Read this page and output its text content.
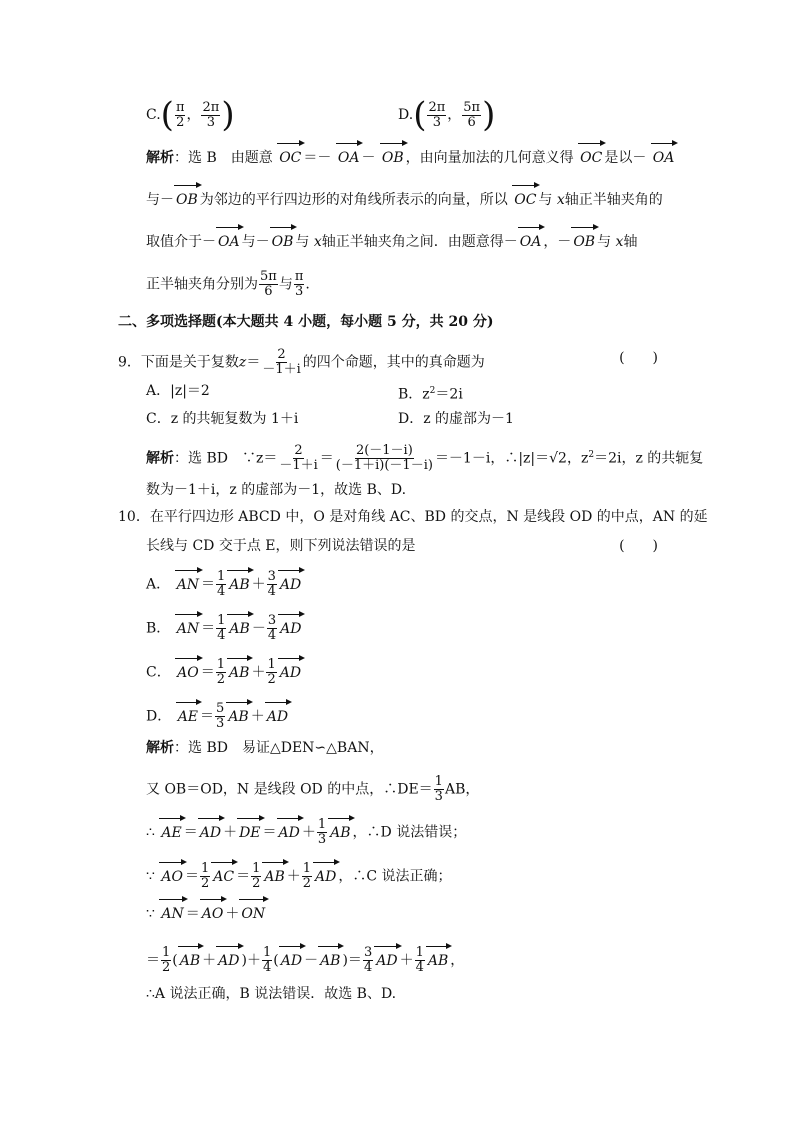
$C.( \frac{\pi}{2}$ ， $\frac{2\pi}{3}$ )	$D.( \frac{2\pi}{3}$ ， $\frac{5\pi}{6}$ )
解析：选 B　由题意 OC ＝－ OA － OB ，由向量加法的几何意义得 OC 是以－ OA
与－ OB 为邻边的平行四边形的对角线所表示的向量，所以 OC 与 x轴正半轴夹角的
取值介于－ OA 与－ OB 与 x轴正半轴夹角之间．由题意得－ OA ，－ OB 与 x轴
正半轴夹角分别为 $\frac{5\pi}{6}$ 与 $\frac{\pi}{3}$ .
二、多项选择题(本大题共 4 小题，每小题 5 分，共 20 分)
9．下面是关于复数$z= \frac{2}{-1+i}$ 的四个命题，其中的真命题为	(　　)
A．|z|＝2	B．$z^2=2i$
C．z 的共轭复数为 1＋i	D．z 的虚部为－1
解析：选 BD　∵z＝ $\frac{2}{-1+i} = \frac{2(-1-i)}{(-1+i)(-1-i)} =-1-i$，∴|z|＝√2，$z^2=2i$，z 的共轭复
数为－1＋i，z 的虚部为－1，故选 B、D.
10．在平行四边形 ABCD 中，O 是对角线 AC、BD 的交点，N 是线段 OD 的中点，AN 的延
长线与 CD 交于点 E，则下列说法错误的是	(　　)
A． AN ＝ $\frac{1}{4}$ AB ＋ $\frac{3}{4}$ AD
B． AN ＝ $\frac{1}{4}$ AB － $\frac{3}{4}$ AD
C． AO ＝ $\frac{1}{2}$ AB ＋ $\frac{1}{2}$ AD
D． AE ＝ $\frac{5}{3}$ AB ＋ AD
解析：选 BD　易证△DEN∽△BAN，
又 OB＝OD，N 是线段 OD 的中点，∴DE＝ $\frac{1}{3}$ AB，
∴ AE ＝ AD ＋ DE ＝ AD ＋ $\frac{1}{3}$ AB ，∴D 说法错误；
∵ AO ＝ $\frac{1}{2}$ AC ＝ $\frac{1}{2}$ AB ＋ $\frac{1}{2}$ AD ，∴C 说法正确；
∵ AN ＝ AO ＋ ON
＝ $\frac{1}{2}$ ( AB ＋ AD )＋ $\frac{1}{4}$ ( AD － AB )＝ $\frac{3}{4}$ AD ＋ $\frac{1}{4}$ AB ，
∴A 说法正确，B 说法错误．故选 B、D.
